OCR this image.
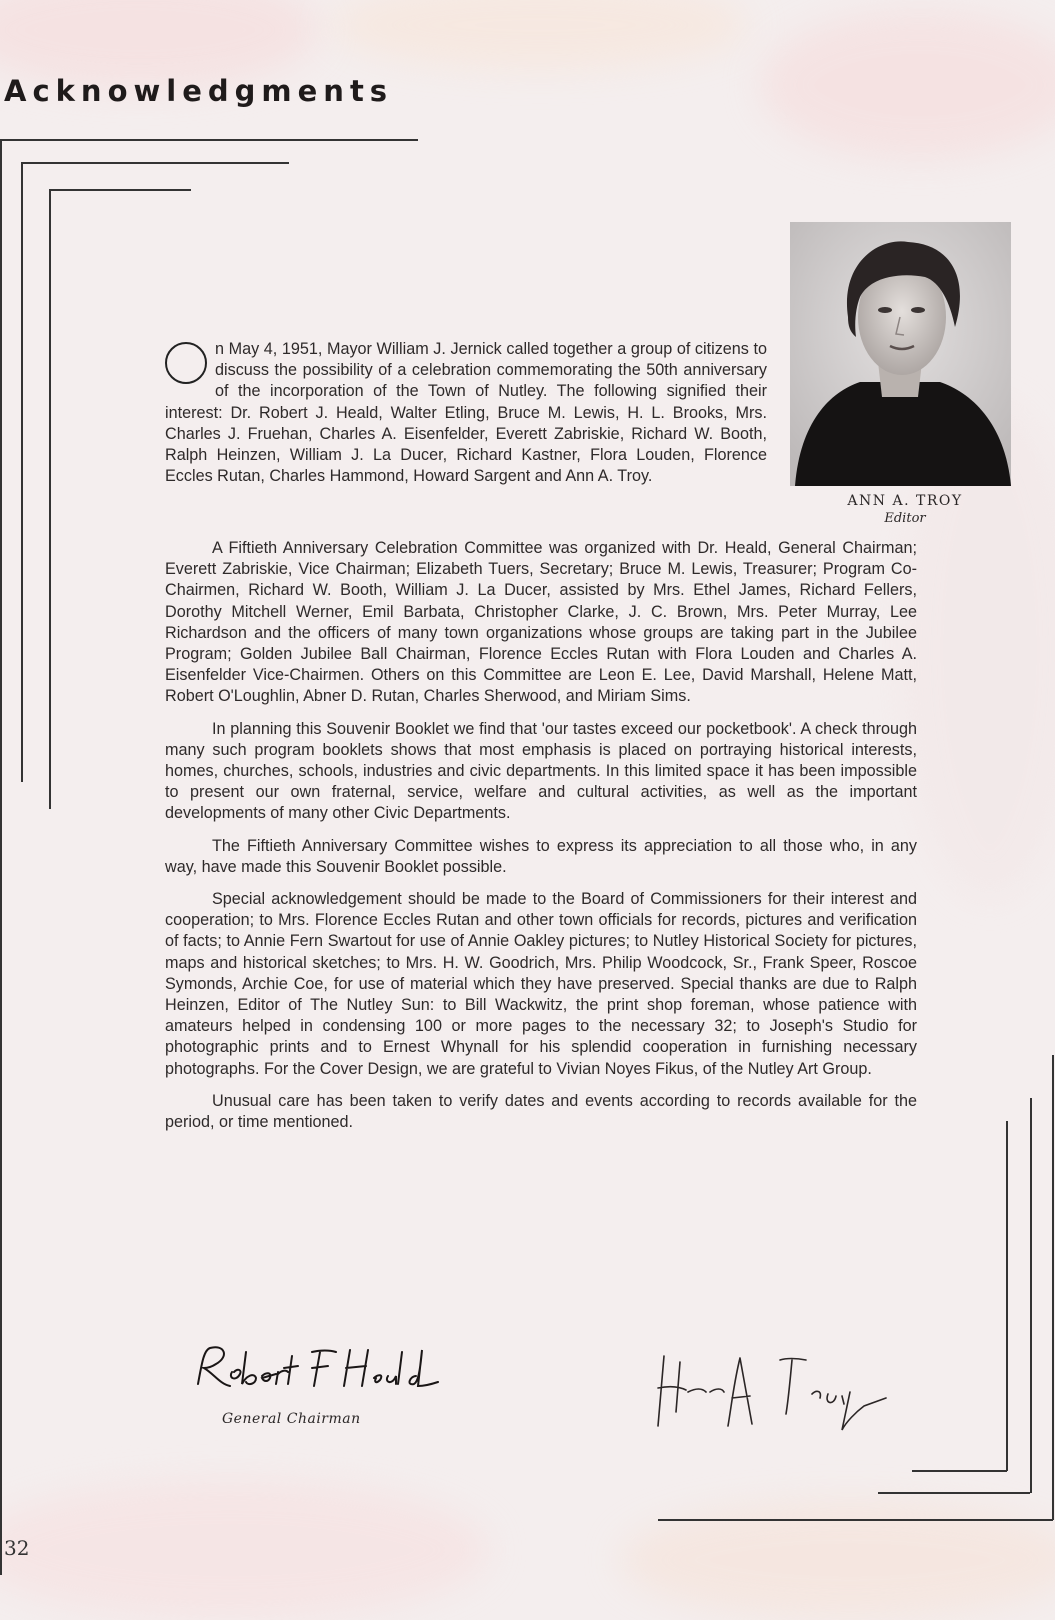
Acknowledgments
ANN A. TROY
Editor
n May 4, 1951, Mayor William J. Jernick called together a group of citizens to discuss the possibility of a celebration commemorating the 50th anniversary of the incorporation of the Town of Nutley. The following signified their interest: Dr. Robert J. Heald, Walter Etling, Bruce M. Lewis, H. L. Brooks, Mrs. Charles J. Fruehan, Charles A. Eisenfelder, Everett Zabriskie, Richard W. Booth, Ralph Heinzen, William J. La Ducer, Richard Kastner, Flora Louden, Florence Eccles Rutan, Charles Hammond, Howard Sargent and Ann A. Troy.

A Fiftieth Anniversary Celebration Committee was organized with Dr. Heald, General Chairman; Everett Zabriskie, Vice Chairman; Elizabeth Tuers, Secretary; Bruce M. Lewis, Treasurer; Program Co-Chairmen, Richard W. Booth, William J. La Ducer, assisted by Mrs. Ethel James, Richard Fellers, Dorothy Mitchell Werner, Emil Barbata, Christopher Clarke, J. C. Brown, Mrs. Peter Murray, Lee Richardson and the officers of many town organizations whose groups are taking part in the Jubilee Program; Golden Jubilee Ball Chairman, Florence Eccles Rutan with Flora Louden and Charles A. Eisenfelder Vice-Chairmen. Others on this Committee are Leon E. Lee, David Marshall, Helene Matt, Robert O'Loughlin, Abner D. Rutan, Charles Sherwood, and Miriam Sims.

In planning this Souvenir Booklet we find that 'our tastes exceed our pocketbook'. A check through many such program booklets shows that most emphasis is placed on portraying historical interests, homes, churches, schools, industries and civic departments. In this limited space it has been impossible to present our own fraternal, service, welfare and cultural activities, as well as the important developments of many other Civic Departments.

The Fiftieth Anniversary Committee wishes to express its appreciation to all those who, in any way, have made this Souvenir Booklet possible.

Special acknowledgement should be made to the Board of Commissioners for their interest and cooperation; to Mrs. Florence Eccles Rutan and other town officials for records, pictures and verification of facts; to Annie Fern Swartout for use of Annie Oakley pictures; to Nutley Historical Society for pictures, maps and historical sketches; to Mrs. H. W. Goodrich, Mrs. Philip Woodcock, Sr., Frank Speer, Roscoe Symonds, Archie Coe, for use of material which they have preserved. Special thanks are due to Ralph Heinzen, Editor of The Nutley Sun: to Bill Wackwitz, the print shop foreman, whose patience with amateurs helped in condensing 100 or more pages to the necessary 32; to Joseph's Studio for photographic prints and to Ernest Whynall for his splendid cooperation in furnishing necessary photographs. For the Cover Design, we are grateful to Vivian Noyes Fikus, of the Nutley Art Group.

Unusual care has been taken to verify dates and events according to records available for the period, or time mentioned.

General Chairman
32
